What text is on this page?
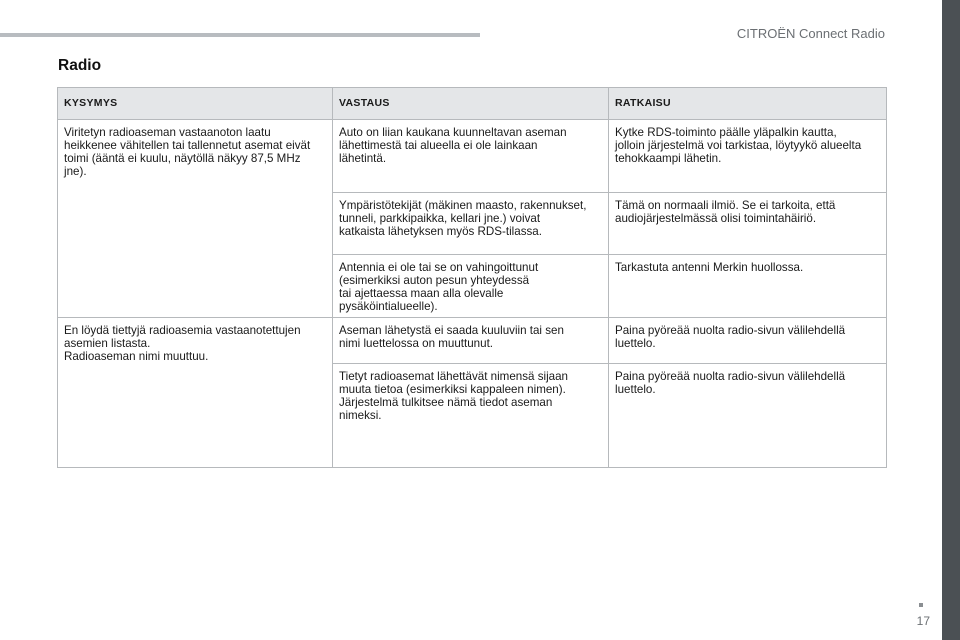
CITROËN Connect Radio
Radio
KYSYMYS	VASTAUS	RATKAISU
Viritetyn radioaseman vastaanoton laatu
heikkenee vähitellen tai tallennetut asemat eivät
toimi (ääntä ei kuulu, näytöllä näkyy 87,5 MHz
jne).	Auto on liian kaukana kuunneltavan aseman
lähettimestä tai alueella ei ole lainkaan
lähetintä.	Kytke RDS-toiminto päälle yläpalkin kautta,
jolloin järjestelmä voi tarkistaa, löytyykö alueelta
tehokkaampi lähetin.
	Ympäristötekijät (mäkinen maasto, rakennukset,
tunneli, parkkipaikka, kellari jne.) voivat
katkaista lähetyksen myös RDS-tilassa.	Tämä on normaali ilmiö. Se ei tarkoita, että
audiojärjestelmässä olisi toimintahäiriö.
	Antennia ei ole tai se on vahingoittunut
(esimerkiksi auton pesun yhteydessä
tai ajettaessa maan alla olevalle
pysäköintialueelle).	Tarkastuta antenni Merkin huollossa.
En löydä tiettyjä radioasemia vastaanotettujen
asemien listasta.
Radioaseman nimi muuttuu.	Aseman lähetystä ei saada kuuluviin tai sen
nimi luettelossa on muuttunut.	Paina pyöreää nuolta radio-sivun välilehdellä
luettelo.
	Tietyt radioasemat lähettävät nimensä sijaan
muuta tietoa (esimerkiksi kappaleen nimen).
Järjestelmä tulkitsee nämä tiedot aseman
nimeksi.	Paina pyöreää nuolta radio-sivun välilehdellä
luettelo.
17
